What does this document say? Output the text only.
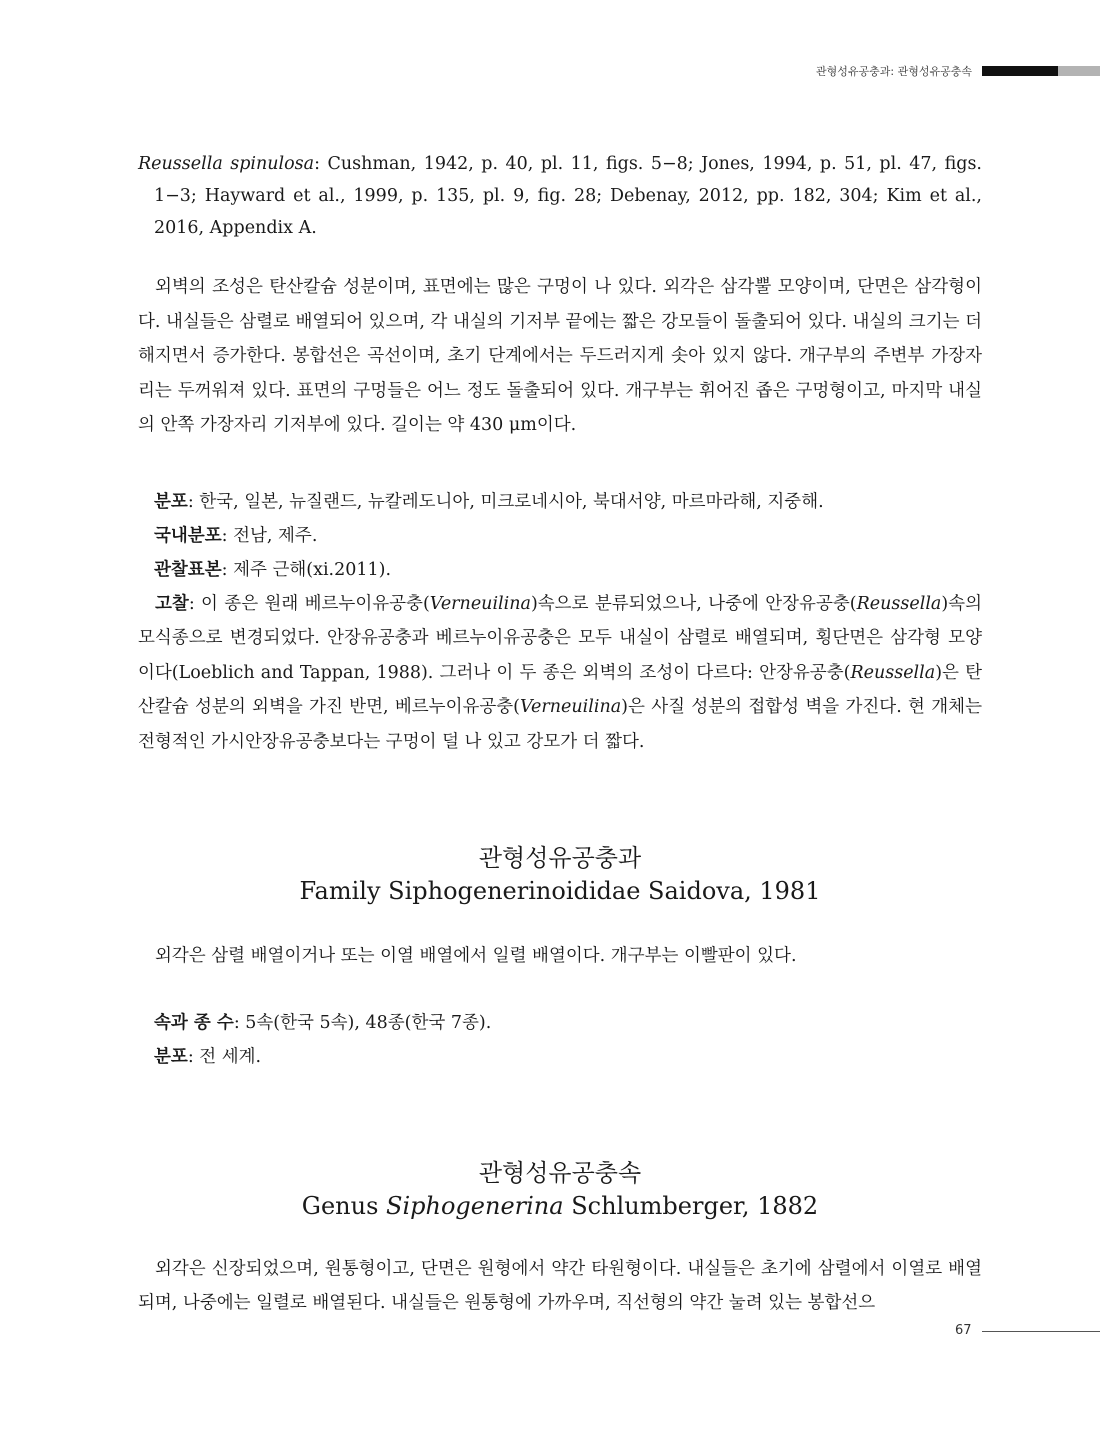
관형성유공충과: 관형성유공충속

Reussella spinulosa: Cushman, 1942, p. 40, pl. 11, figs. 5−8; Jones, 1994, p. 51, pl. 47, figs. 1−3; Hayward et al., 1999, p. 135, pl. 9, fig. 28; Debenay, 2012, pp. 182, 304; Kim et al., 2016, Appendix A.

외벽의 조성은 탄산칼슘 성분이며, 표면에는 많은 구멍이 나 있다. 외각은 삼각뿔 모양이며, 단면은 삼각형이다. 내실들은 삼렬로 배열되어 있으며, 각 내실의 기저부 끝에는 짧은 강모들이 돌출되어 있다. 내실의 크기는 더해지면서 증가한다. 봉합선은 곡선이며, 초기 단계에서는 두드러지게 솟아 있지 않다. 개구부의 주변부 가장자리는 두꺼워져 있다. 표면의 구멍들은 어느 정도 돌출되어 있다. 개구부는 휘어진 좁은 구멍형이고, 마지막 내실의 안쪽 가장자리 기저부에 있다. 길이는 약 430 μm이다.

분포: 한국, 일본, 뉴질랜드, 뉴칼레도니아, 미크로네시아, 북대서양, 마르마라해, 지중해.

국내분포: 전남, 제주.

관찰표본: 제주 근해(xi.2011).

고찰: 이 종은 원래 베르누이유공충(Verneuilina)속으로 분류되었으나, 나중에 안장유공충(Reussella)속의 모식종으로 변경되었다. 안장유공충과 베르누이유공충은 모두 내실이 삼렬로 배열되며, 횡단면은 삼각형 모양이다(Loeblich and Tappan, 1988). 그러나 이 두 종은 외벽의 조성이 다르다: 안장유공충(Reussella)은 탄산칼슘 성분의 외벽을 가진 반면, 베르누이유공충(Verneuilina)은 사질 성분의 접합성 벽을 가진다. 현 개체는 전형적인 가시안장유공충보다는 구멍이 덜 나 있고 강모가 더 짧다.

관형성유공충과

Family Siphogenerinoididae Saidova, 1981

외각은 삼렬 배열이거나 또는 이열 배열에서 일렬 배열이다. 개구부는 이빨판이 있다.

속과 종 수: 5속(한국 5속), 48종(한국 7종).

분포: 전 세계.

관형성유공충속

Genus Siphogenerina Schlumberger, 1882

외각은 신장되었으며, 원통형이고, 단면은 원형에서 약간 타원형이다. 내실들은 초기에 삼렬에서 이열로 배열되며, 나중에는 일렬로 배열된다. 내실들은 원통형에 가까우며, 직선형의 약간 눌려 있는 봉합선으

67
